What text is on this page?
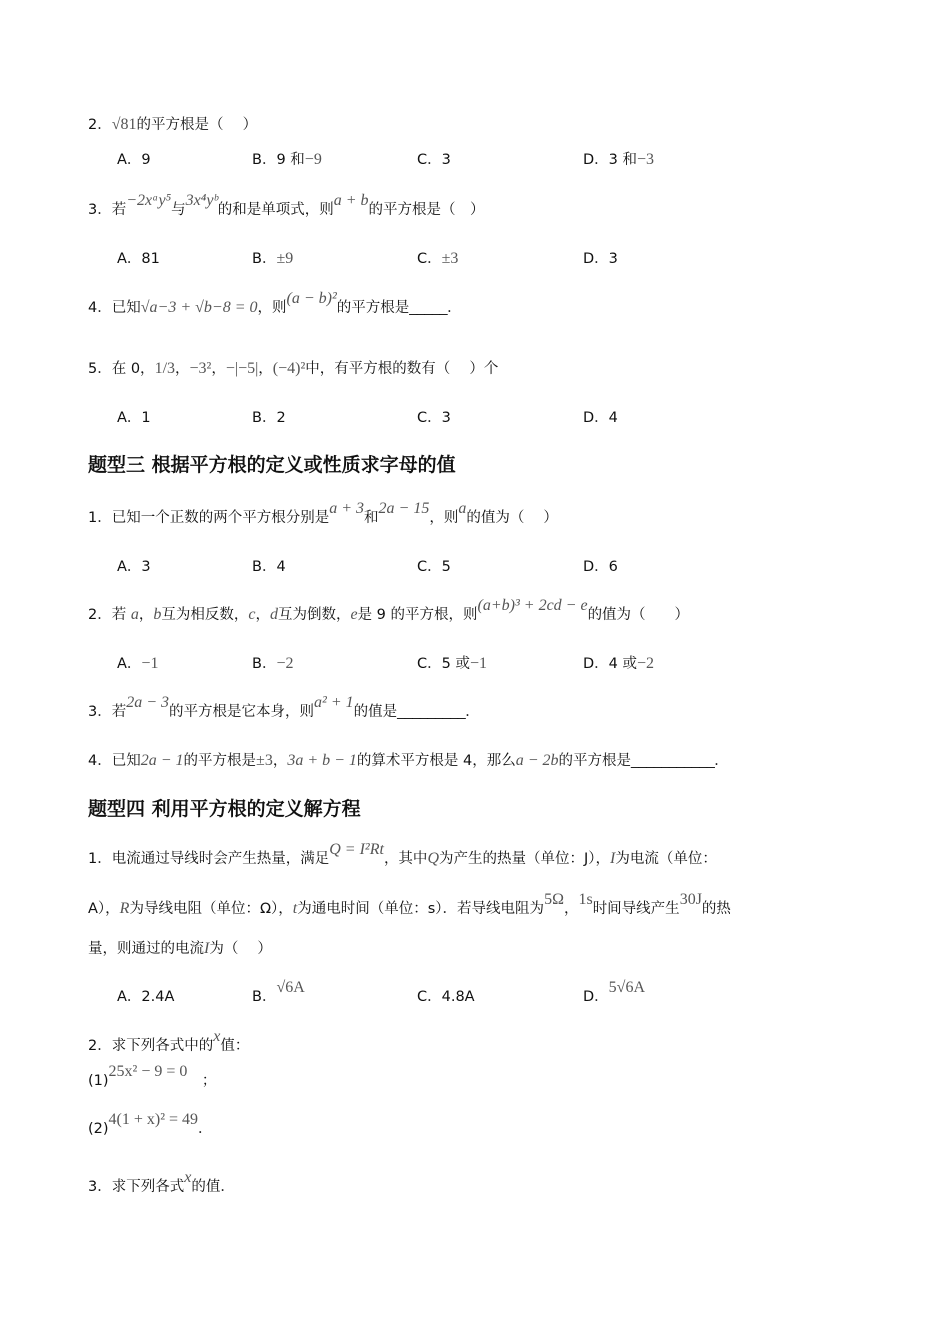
2．√81的平方根是（　 ）
A．9	B．9 和−9	C．3	D．3 和−3
3．若−2xᵃy⁵与3x⁴yᵇ的和是单项式，则a + b的平方根是（　）
A．81	B．±9	C．±3	D．3
4．已知√a−3 + √b−8 = 0，则(a − b)²的平方根是_____．
5．在 0，1/3，−3²，−|−5|，(−4)²中，有平方根的数有（　 ）个
A．1	B．2	C．3	D．4
题型三 根据平方根的定义或性质求字母的值
1．已知一个正数的两个平方根分别是a + 3和2a − 15，则a的值为（　 ）
A．3	B．4	C．5	D．6
2．若 a，b互为相反数，c，d互为倒数，e是 9 的平方根，则(a+b)³ + 2cd − e的值为（　　）
A．−1	B．−2	C．5 或−1	D．4 或−2
3．若2a − 3的平方根是它本身，则a² + 1的值是_________．
4．已知2a − 1的平方根是±3，3a + b − 1的算术平方根是 4，那么a − 2b的平方根是___________．
题型四 利用平方根的定义解方程
1．电流通过导线时会产生热量，满足Q = I²Rt，其中Q为产生的热量（单位：J），I为电流（单位：
A），R为导线电阻（单位：Ω），t为通电时间（单位：s）．若导线电阻为5Ω，1s时间导线产生30J的热
量，则通过的电流I为（　 ）
A．2.4A	B．√6A
C．4.8A	D．5√6A
2．求下列各式中的x值：
(1)25x² − 9 = 0　；
(2)4(1 + x)² = 49．
3．求下列各式x的值．
